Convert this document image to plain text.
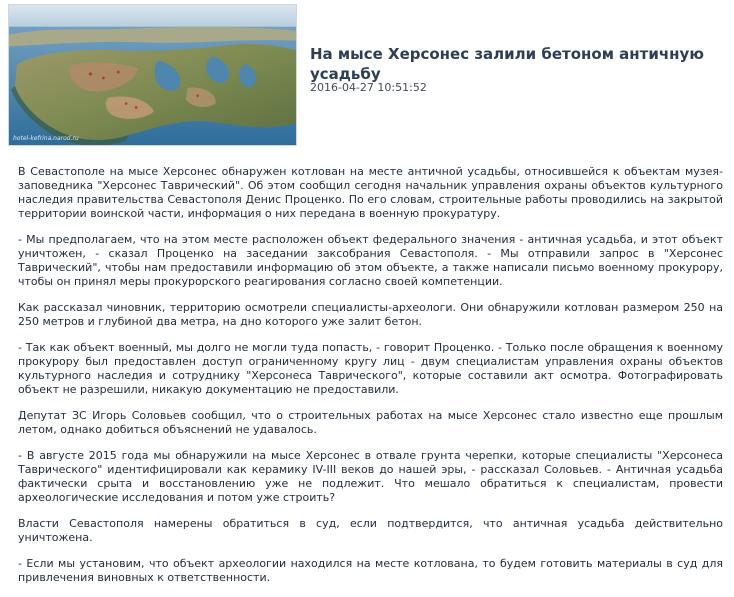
hotel-kefrina.narod.ru
На мысе Херсонес залили бетоном античную усадьбу
2016-04-27 10:51:52

В Севастополе на мысе Херсонес обнаружен котлован на месте античной усадьбы, относившейся к объектам музея-заповедника "Херсонес Таврический". Об этом сообщил сегодня начальник управления охраны объектов культурного наследия правительства Севастополя Денис Проценко. По его словам, строительные работы проводились на закрытой территории воинской части, информация о них передана в военную прокуратуру.

- Мы предполагаем, что на этом месте расположен объект федерального значения - античная усадьба, и этот объект уничтожен, - сказал Проценко на заседании заксобрания Севастополя. - Мы отправили запрос в "Херсонес Таврический", чтобы нам предоставили информацию об этом объекте, а также написали письмо военному прокурору, чтобы он принял меры прокурорского реагирования согласно своей компетенции.

Как рассказал чиновник, территорию осмотрели специалисты-археологи. Они обнаружили котлован размером 250 на 250 метров и глубиной два метра, на дно которого уже залит бетон.

- Так как объект военный, мы долго не могли туда попасть, - говорит Проценко. - Только после обращения к военному прокурору был предоставлен доступ ограниченному кругу лиц - двум специалистам управления охраны объектов культурного наследия и сотруднику "Херсонеса Таврического", которые составили акт осмотра. Фотографировать объект не разрешили, никакую документацию не предоставили.

Депутат ЗС Игорь Соловьев сообщил, что о строительных работах на мысе Херсонес стало известно еще прошлым летом, однако добиться объяснений не удавалось.

- В августе 2015 года мы обнаружили на мысе Херсонес в отвале грунта черепки, которые специалисты "Херсонеса Таврического" идентифицировали как керамику IV-III веков до нашей эры, - рассказал Соловьев. - Античная усадьба фактически срыта и восстановлению уже не подлежит. Что мешало обратиться к специалистам, провести археологические исследования и потом уже строить?

Власти Севастополя намерены обратиться в суд, если подтвердится, что античная усадьба действительно уничтожена.

- Если мы установим, что объект археологии находился на месте котлована, то будем готовить материалы в суд для привлечения виновных к ответственности.
